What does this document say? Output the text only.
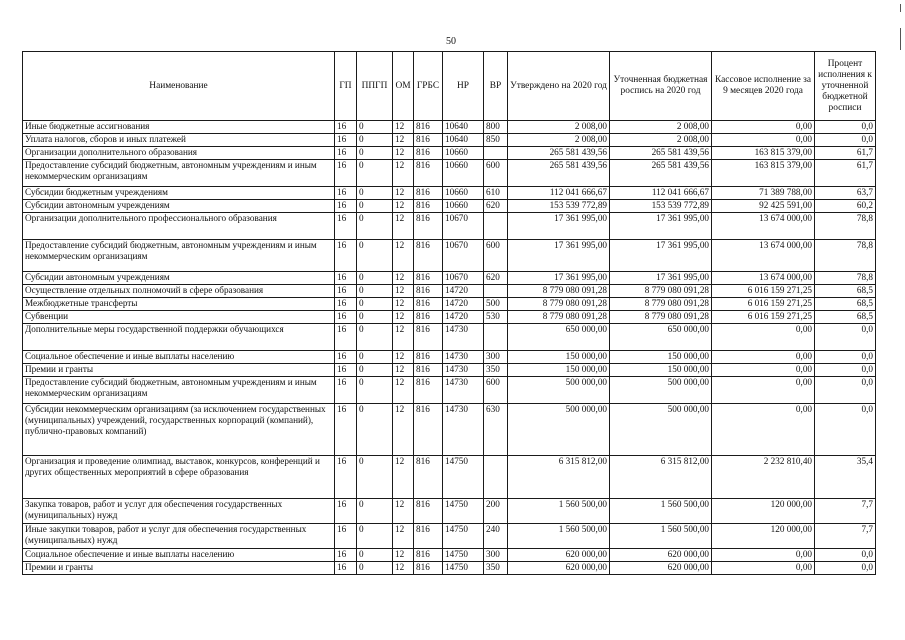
50
Наименование	ГП	ППГП	ОМ	ГРБС	НР	ВР	Утверждено на 2020 год	Уточненная бюджетная роспись на 2020 год	Кассовое исполнение за 9 месяцев 2020 года	Процент исполнения к уточненной бюджетной росписи
Иные бюджетные ассигнования	16	0	12	816	10640	800	2 008,00	2 008,00	0,00	0,0
Уплата налогов, сборов и иных платежей	16	0	12	816	10640	850	2 008,00	2 008,00	0,00	0,0
Организации дополнительного образования	16	0	12	816	10660		265 581 439,56	265 581 439,56	163 815 379,00	61,7
Предоставление субсидий бюджетным, автономным учреждениям и иным некоммерческим организациям	16	0	12	816	10660	600	265 581 439,56	265 581 439,56	163 815 379,00	61,7
Субсидии бюджетным учреждениям	16	0	12	816	10660	610	112 041 666,67	112 041 666,67	71 389 788,00	63,7
Субсидии автономным учреждениям	16	0	12	816	10660	620	153 539 772,89	153 539 772,89	92 425 591,00	60,2
Организации дополнительного профессионального образования	16	0	12	816	10670		17 361 995,00	17 361 995,00	13 674 000,00	78,8
Предоставление субсидий бюджетным, автономным учреждениям и иным некоммерческим организациям	16	0	12	816	10670	600	17 361 995,00	17 361 995,00	13 674 000,00	78,8
Субсидии автономным учреждениям	16	0	12	816	10670	620	17 361 995,00	17 361 995,00	13 674 000,00	78,8
Осуществление отдельных полномочий в сфере образования	16	0	12	816	14720		8 779 080 091,28	8 779 080 091,28	6 016 159 271,25	68,5
Межбюджетные трансферты	16	0	12	816	14720	500	8 779 080 091,28	8 779 080 091,28	6 016 159 271,25	68,5
Субвенции	16	0	12	816	14720	530	8 779 080 091,28	8 779 080 091,28	6 016 159 271,25	68,5
Дополнительные меры государственной поддержки обучающихся	16	0	12	816	14730		650 000,00	650 000,00	0,00	0,0
Социальное обеспечение и иные выплаты населению	16	0	12	816	14730	300	150 000,00	150 000,00	0,00	0,0
Премии и гранты	16	0	12	816	14730	350	150 000,00	150 000,00	0,00	0,0
Предоставление субсидий бюджетным, автономным учреждениям и иным некоммерческим организациям	16	0	12	816	14730	600	500 000,00	500 000,00	0,00	0,0
Субсидии некоммерческим организациям (за исключением государственных (муниципальных) учреждений, государственных корпораций (компаний), публично-правовых компаний)	16	0	12	816	14730	630	500 000,00	500 000,00	0,00	0,0
Организация и проведение олимпиад, выставок, конкурсов, конференций и других общественных мероприятий в сфере образования	16	0	12	816	14750		6 315 812,00	6 315 812,00	2 232 810,40	35,4
Закупка товаров, работ и услуг для обеспечения государственных (муниципальных) нужд	16	0	12	816	14750	200	1 560 500,00	1 560 500,00	120 000,00	7,7
Иные закупки товаров, работ и услуг для обеспечения государственных (муниципальных) нужд	16	0	12	816	14750	240	1 560 500,00	1 560 500,00	120 000,00	7,7
Социальное обеспечение и иные выплаты населению	16	0	12	816	14750	300	620 000,00	620 000,00	0,00	0,0
Премии и гранты	16	0	12	816	14750	350	620 000,00	620 000,00	0,00	0,0
